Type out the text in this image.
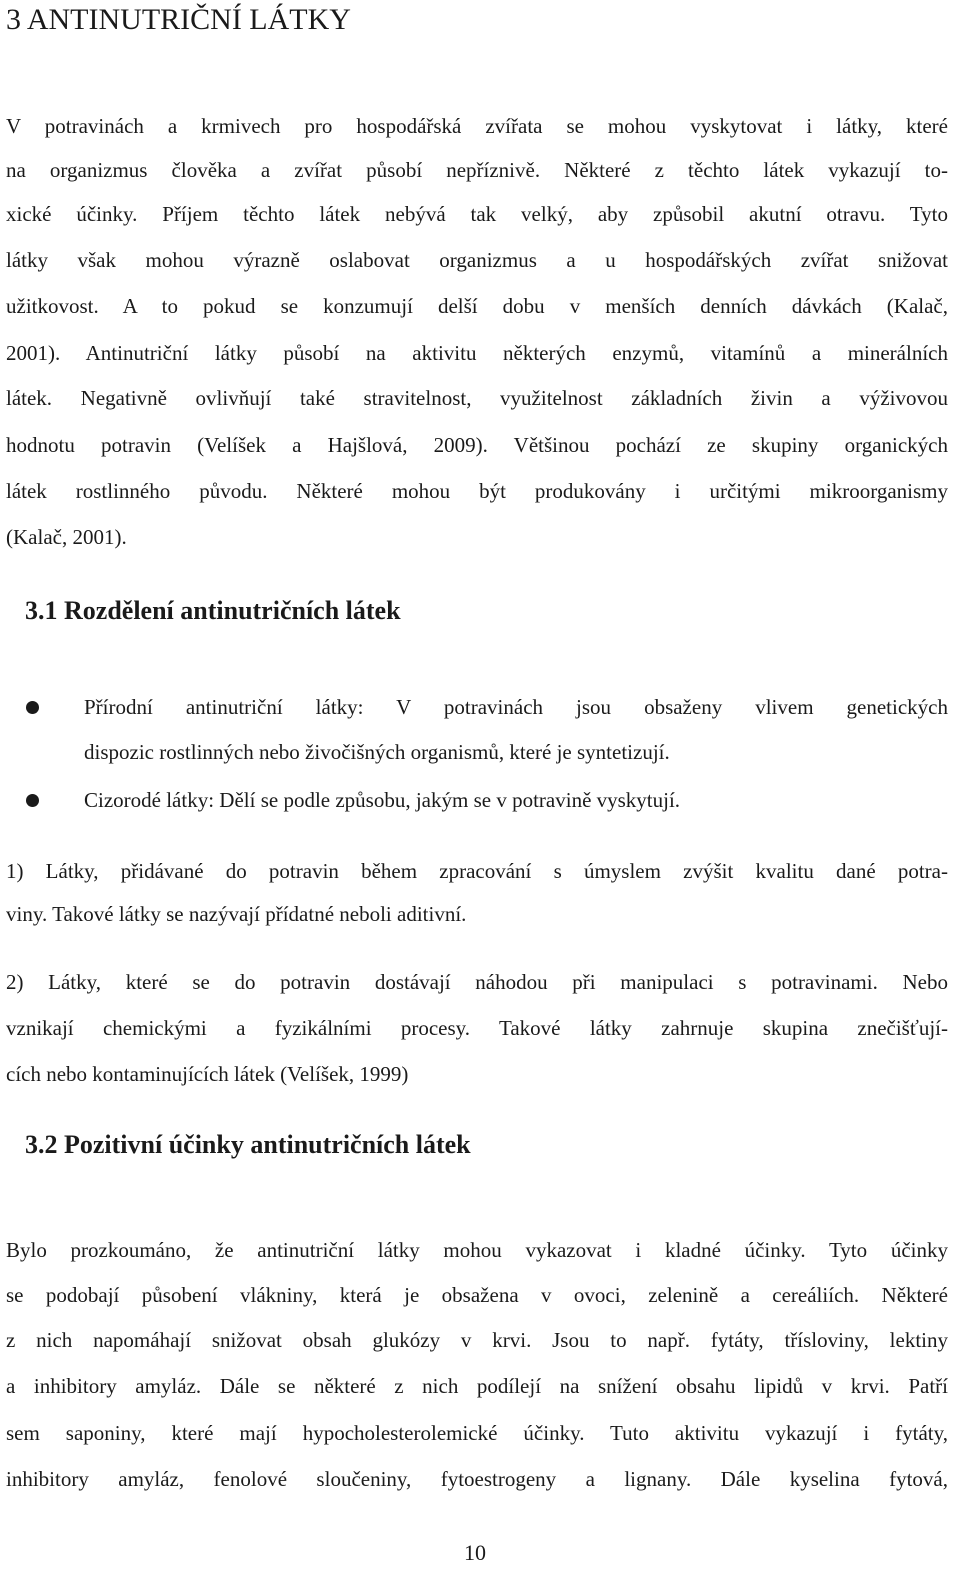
3 ANTINUTRIČNÍ LÁTKY
V potravinách a krmivech pro hospodářská zvířata se mohou vyskytovat i látky, které
na organizmus člověka a zvířat působí nepříznivě. Některé z těchto látek vykazují to-
xické účinky. Příjem těchto látek nebývá tak velký, aby způsobil akutní otravu. Tyto
látky však mohou výrazně oslabovat organizmus a u hospodářských zvířat snižovat
užitkovost. A to pokud se konzumují delší dobu v menších denních dávkách (Kalač,
2001). Antinutriční látky působí na aktivitu některých enzymů, vitamínů a minerálních
látek. Negativně ovlivňují také stravitelnost, využitelnost základních živin a výživovou
hodnotu potravin (Velíšek a Hajšlová, 2009). Většinou pochází ze skupiny organických
látek rostlinného původu. Některé mohou být produkovány i určitými mikroorganismy
(Kalač, 2001).
3.1 Rozdělení antinutričních látek
Přírodní antinutriční látky: V potravinách jsou obsaženy vlivem genetických
dispozic rostlinných nebo živočišných organismů, které je syntetizují.
Cizorodé látky: Dělí se podle způsobu, jakým se v potravině vyskytují.
1) Látky, přidávané do potravin během zpracování s úmyslem zvýšit kvalitu dané potra-
viny. Takové látky se nazývají přídatné neboli aditivní.
2) Látky, které se do potravin dostávají náhodou při manipulaci s potravinami. Nebo
vznikají chemickými a fyzikálními procesy. Takové látky zahrnuje skupina znečišťují-
cích nebo kontaminujících látek (Velíšek, 1999)
3.2 Pozitivní účinky antinutričních látek
Bylo prozkoumáno, že antinutriční látky mohou vykazovat i kladné účinky. Tyto účinky
se podobají působení vlákniny, která je obsažena v ovoci, zelenině a cereáliích. Některé
z nich napomáhají snižovat obsah glukózy v krvi. Jsou to např. fytáty, třísloviny, lektiny
a inhibitory amyláz. Dále se některé z nich podílejí na snížení obsahu lipidů v krvi. Patří
sem saponiny, které mají hypocholesterolemické účinky. Tuto aktivitu vykazují i fytáty,
inhibitory amyláz, fenolové sloučeniny, fytoestrogeny a lignany. Dále kyselina fytová,
10
